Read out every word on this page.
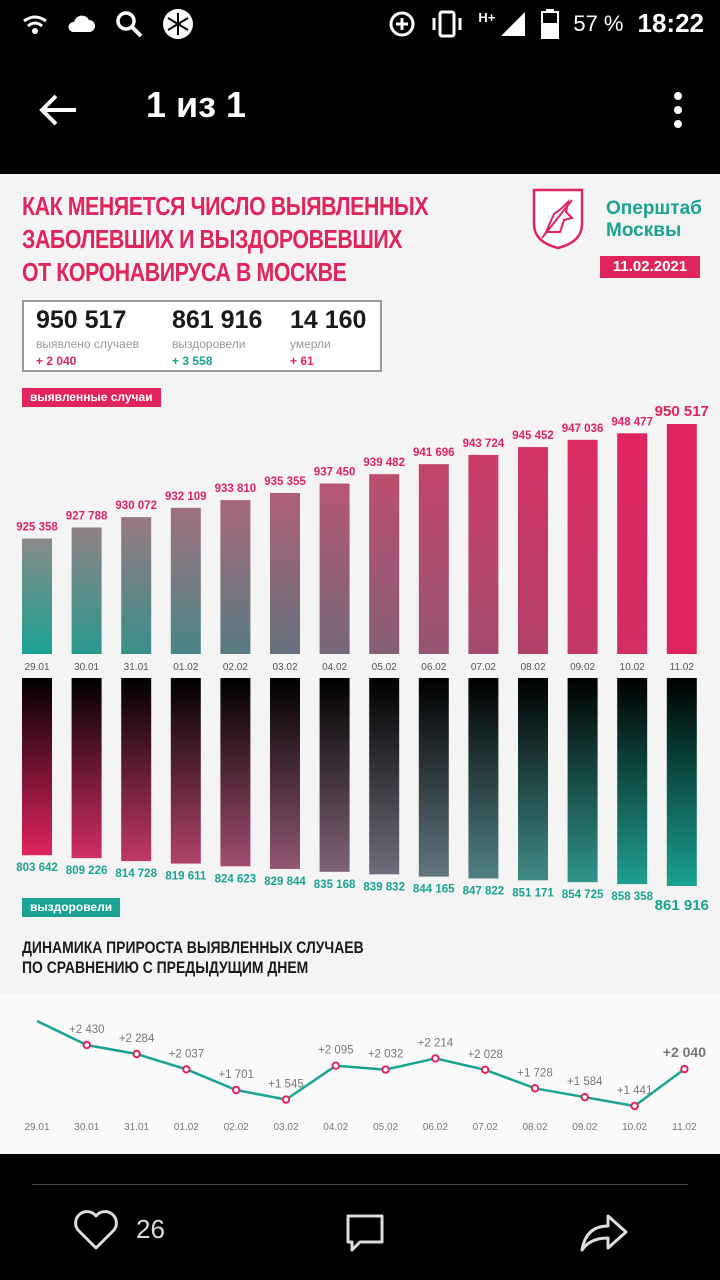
H+	57 % 18:22
1 из 1
КАК МЕНЯЕТСЯ ЧИСЛО ВЫЯВЛЕННЫХ
ЗАБОЛЕВШИХ И ВЫЗДОРОВЕВШИХ
ОТ КОРОНАВИРУСА В МОСКВЕ
Оперштаб
Москвы
11.02.2021
950 517
выявлено случаев
+ 2 040
861 916
выздоровели
+ 3 558
14 160
умерли
+ 61
выявленные случаи
выздоровели
925 358
29.01
927 788
30.01
930 072
31.01
932 109
01.02
933 810
02.02
935 355
03.02
937 450
04.02
939 482
05.02
941 696
06.02
943 724
07.02
945 452
08.02
947 036
09.02
948 477
10.02
950 517
11.02
803 642 809 226 814 728 819 611 824 623 829 844 835 168 839 832 844 165 847 822 851 171 854 725 858 358 861 916
29.01
+2 430
30.01
+2 284
31.01
+2 037
01.02
+1 701
02.02
+1 545
03.02
+2 095
04.02
+2 032
05.02
+2 214
06.02
+2 028
07.02
+1 728
08.02
+1 584
09.02
+1 441
10.02
+2 040
11.02
ДИНАМИКА ПРИРОСТА ВЫЯВЛЕННЫХ СЛУЧАЕВ
ПО СРАВНЕНИЮ С ПРЕДЫДУЩИМ ДНЕМ
26
